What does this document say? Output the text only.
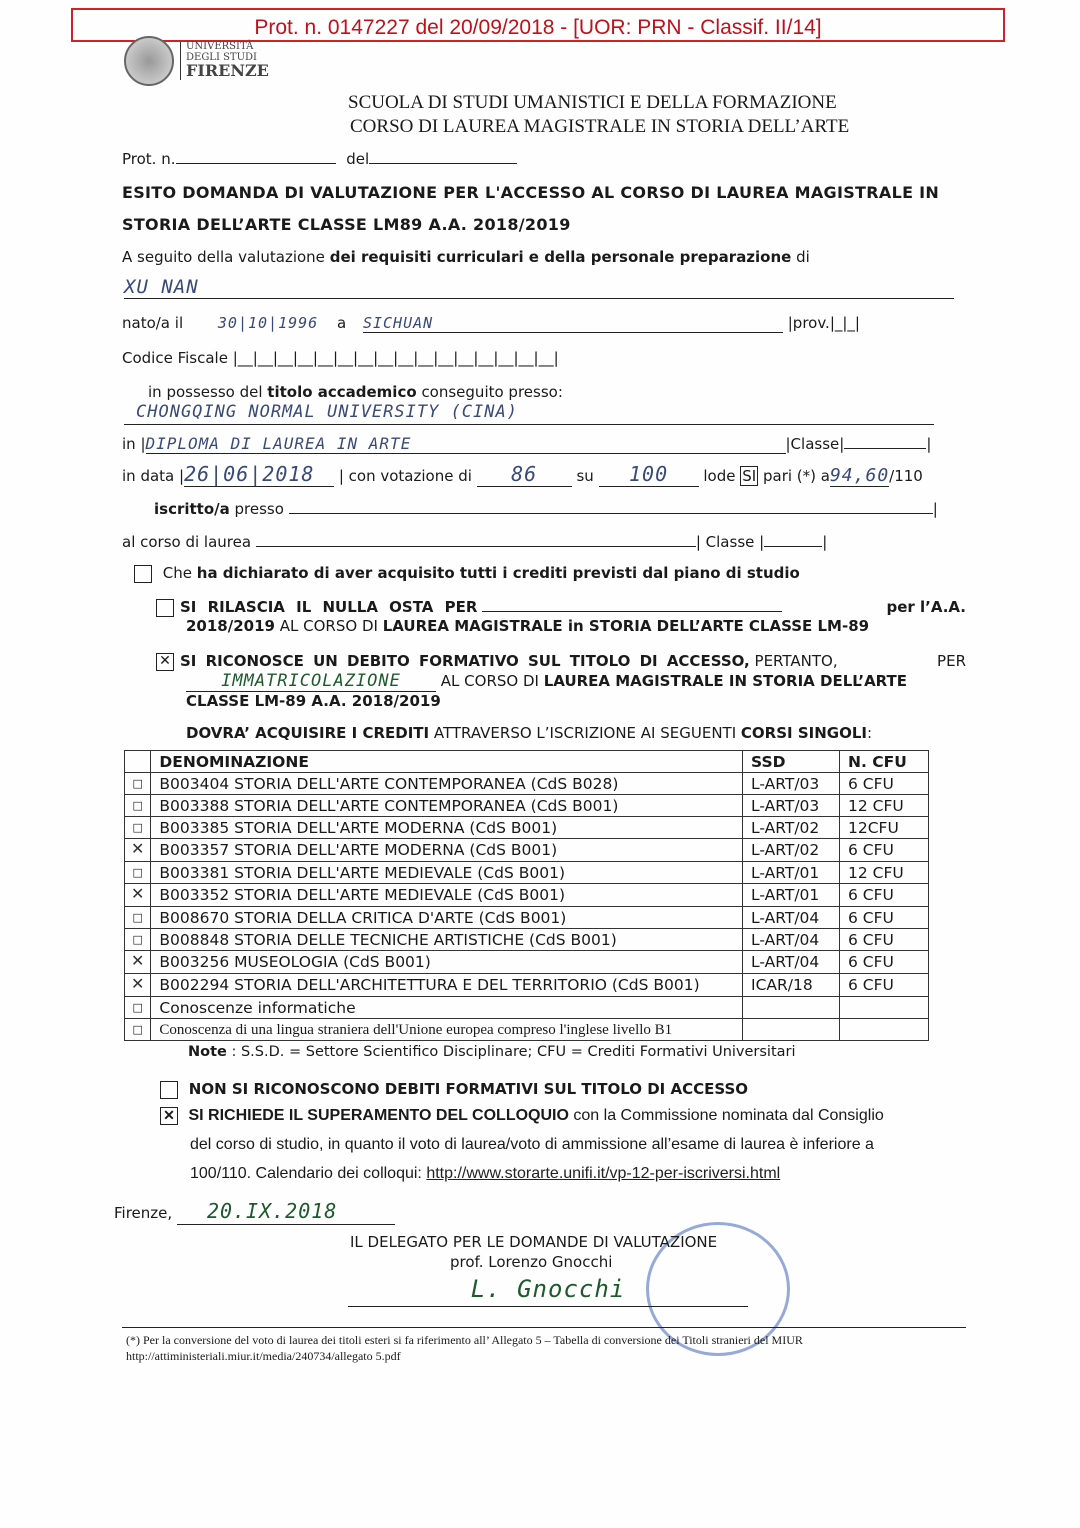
Prot. n. 0147227 del 20/09/2018 - [UOR: PRN - Classif. II/14]
UNIVERSITÀ
DEGLI STUDI
FIRENZE
SCUOLA DI STUDI UMANISTICI E DELLA FORMAZIONE
CORSO DI LAUREA MAGISTRALE IN STORIA DELL’ARTE
Prot. n.	del
ESITO DOMANDA DI VALUTAZIONE PER L'ACCESSO AL CORSO DI LAUREA MAGISTRALE IN
STORIA DELL’ARTE CLASSE LM89 A.A. 2018/2019
A seguito della valutazione dei requisiti curriculari e della personale preparazione di
XU NAN
nato/a il 30|10|1996 a SICHUAN	|prov.|_|_|
Codice Fiscale |__|__|__|__|__|__|__|__|__|__|__|__|__|__|__|__|
in possesso del titolo accademico conseguito presso:
CHONGQING NORMAL UNIVERSITY (CINA)
in |DIPLOMA DI LAUREA IN ARTE	|Classe|	|
in data |26|06|2018 | con votazione di 86	su 100 lode SI pari (*) a94,60/110
iscritto/a presso	|
al corso di laurea	| Classe |	|
Che ha dichiarato di aver acquisito tutti i crediti previsti dal piano di studio
SI RILASCIA IL NULLA OSTA PER	per l’A.A.
2018/2019 AL CORSO DI LAUREA MAGISTRALE in STORIA DELL’ARTE CLASSE LM-89
✕ SI RICONOSCE UN DEBITO FORMATIVO SUL TITOLO DI ACCESSO, PERTANTO,	PER
IMMATRICOLAZIONE	AL CORSO DI LAUREA MAGISTRALE IN STORIA DELL’ARTE
CLASSE LM-89 A.A. 2018/2019
DOVRA’ ACQUISIRE I CREDITI ATTRAVERSO L’ISCRIZIONE AI SEGUENTI CORSI SINGOLI:
	DENOMINAZIONE	SSD	N. CFU
□	B003404 STORIA DELL'ARTE CONTEMPORANEA (CdS B028)	L-ART/03	6 CFU
□	B003388 STORIA DELL'ARTE CONTEMPORANEA (CdS B001)	L-ART/03	12 CFU
□	B003385 STORIA DELL'ARTE MODERNA (CdS B001)	L-ART/02	12CFU
✕	B003357 STORIA DELL'ARTE MODERNA (CdS B001)	L-ART/02	6 CFU
□	B003381 STORIA DELL'ARTE MEDIEVALE (CdS B001)	L-ART/01	12 CFU
✕	B003352 STORIA DELL'ARTE MEDIEVALE (CdS B001)	L-ART/01	6 CFU
□	B008670 STORIA DELLA CRITICA D'ARTE (CdS B001)	L-ART/04	6 CFU
□	B008848 STORIA DELLE TECNICHE ARTISTICHE (CdS B001)	L-ART/04	6 CFU
✕	B003256 MUSEOLOGIA (CdS B001)	L-ART/04	6 CFU
✕	B002294 STORIA DELL'ARCHITETTURA E DEL TERRITORIO (CdS B001)	ICAR/18	6 CFU
□	Conoscenze informatiche		
□	Conoscenza di una lingua straniera dell'Unione europea compreso l'inglese livello B1		
Note : S.S.D. = Settore Scientifico Disciplinare; CFU = Crediti Formativi Universitari
NON SI RICONOSCONO DEBITI FORMATIVI SUL TITOLO DI ACCESSO
✕ SI RICHIEDE IL SUPERAMENTO DEL COLLOQUIO con la Commissione nominata dal Consiglio
del corso di studio, in quanto il voto di laurea/voto di ammissione all’esame di laurea è inferiore a
100/110. Calendario dei colloqui: http://www.storarte.unifi.it/vp-12-per-iscriversi.html
Firenze, 20.IX.2018
IL DELEGATO PER LE DOMANDE DI VALUTAZIONE
prof. Lorenzo Gnocchi
L. Gnocchi
(*) Per la conversione del voto di laurea dei titoli esteri si fa riferimento all’ Allegato 5 – Tabella di conversione dei Titoli stranieri del MIUR
http://attiministeriali.miur.it/media/240734/allegato 5.pdf
